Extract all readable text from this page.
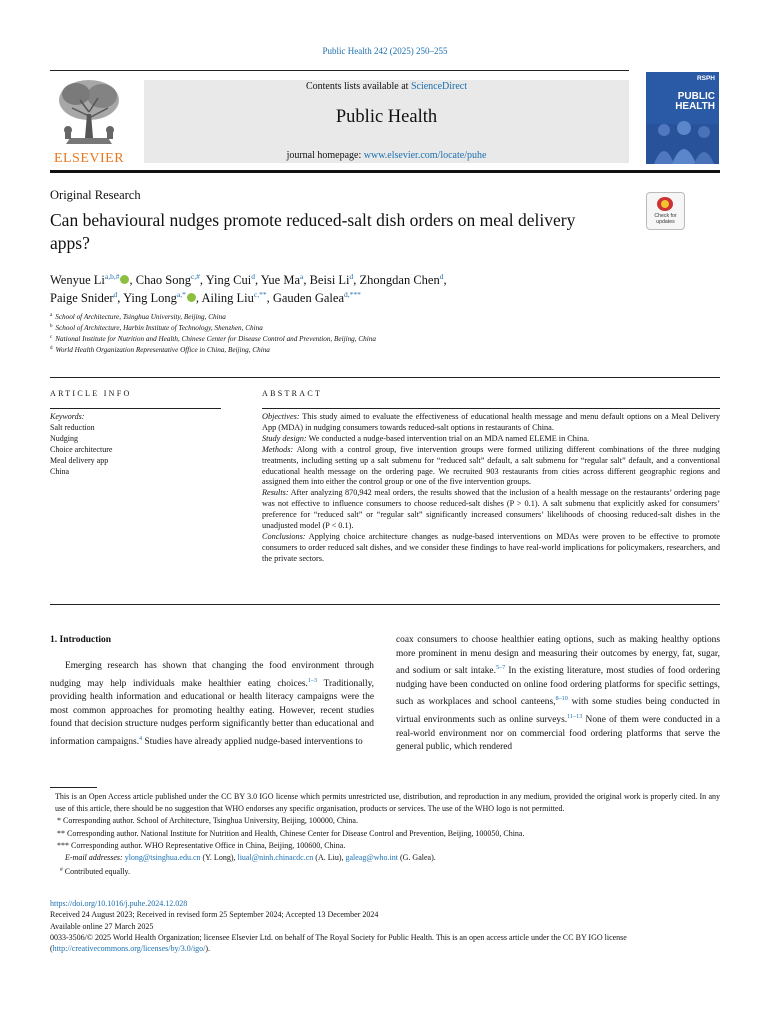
Public Health 242 (2025) 250–255
ELSEVIER
Contents lists available at ScienceDirect
Public Health
journal homepage: www.elsevier.com/locate/puhe
RSPH
PUBLIC
HEALTH
Original Research
Can behavioural nudges promote reduced-salt dish orders on meal delivery apps?
Check for updates
Wenyue $Li^{a,b,\#}$ , Chao Song$^{c,\#}$, Ying Cui$^d$, Yue Ma$^a$, Beisi Li$^d$, Zhongdan Chen$^d$,
Paige Snider$^d$, Ying Long$^{a,*}$ , Ailing Liu$^{c,**}$, Gauden Galea$^{d,***}$
$^a$ School of Architecture, Tsinghua University, Beijing, China
$^b$ School of Architecture, Harbin Institute of Technology, Shenzhen, China
$^c$ National Institute for Nutrition and Health, Chinese Center for Disease Control and Prevention, Beijing, China
$^d$ World Health Organization Representative Office in China, Beijing, China
ARTICLE INFO	ABSTRACT
Keywords:
Salt reduction
Nudging
Choice architecture
Meal delivery app
China

Objectives: This study aimed to evaluate the effectiveness of educational health message and menu default options on a Meal Delivery App (MDA) in nudging consumers towards reduced-salt options in restaurants of China.

Study design: We conducted a nudge-based intervention trial on an MDA named ELEME in China.

Methods: Along with a control group, five intervention groups were formed utilizing different combinations of the three nudging treatments, including setting up a salt submenu for “reduced salt” default, a salt submenu for “regular salt” default, and a conventional educational health message on the ordering page. We recruited 903 restaurants from cities across different geographic regions and assigned them into either the control group or one of the five intervention groups.

Results: After analyzing 870,942 meal orders, the results showed that the inclusion of a health message on the restaurants’ ordering page was not effective to influence consumers to choose reduced-salt dishes (P > 0.1). A salt submenu that explicitly asked for consumers’ preference for “reduced salt” or “regular salt” significantly increased consumers’ likelihoods of choosing reduced-salt dishes in the unadjusted model (P < 0.1).

Conclusions: Applying choice architecture changes as nudge-based interventions on MDAs were proven to be effective to promote consumers to order reduced salt dishes, and we consider these findings to have real-world implications for policymakers, researchers, and the private sectors.

1. Introduction
Emerging research has shown that changing the food environment through nudging may help individuals make healthier eating choices.$^{1-3}$ Traditionally, providing health information and educational or health literacy campaigns were the most common approaches for promoting healthy eating. However, recent studies found that decision structure nudges perform significantly better than educational and information campaigns.$^4$ Studies have already applied nudge-based interventions to
coax consumers to choose healthier eating options, such as making healthy options more prominent in menu design and measuring their outcomes by energy, fat, sugar, and sodium or salt intake.$^{5-7}$ In the existing literature, most studies of food ordering nudging have been conducted on online food ordering platforms for specific settings, such as workplaces and school canteens,$^{8-10}$ with some studies being conducted in virtual environments such as online surveys.$^{11-13}$ None of them were conducted in a real-world environment nor on commercial food ordering platforms that serve the general public, which rendered
This is an Open Access article published under the CC BY 3.0 IGO license which permits unrestricted use, distribution, and reproduction in any medium, provided the original work is properly cited. In any use of this article, there should be no suggestion that WHO endorses any specific organisation, products or services. The use of the WHO logo is not permitted.
* Corresponding author. School of Architecture, Tsinghua University, Beijing, 100000, China.
** Corresponding author. National Institute for Nutrition and Health, Chinese Center for Disease Control and Prevention, Beijing, 100050, China.
*** Corresponding author. WHO Representative Office in China, Beijing, 100600, China.
E-mail addresses: ylong@tsinghua.edu.cn (Y. Long), liual@ninh.chinacdc.cn (A. Liu), galeag@who.int (G. Galea).
# Contributed equally.
https://doi.org/10.1016/j.puhe.2024.12.028
Received 24 August 2023; Received in revised form 25 September 2024; Accepted 13 December 2024
Available online 27 March 2025
0033-3506/© 2025 World Health Organization; licensee Elsevier Ltd. on behalf of The Royal Society for Public Health. This is an open access article under the CC BY IGO license (http://creativecommons.org/licenses/by/3.0/igo/).
